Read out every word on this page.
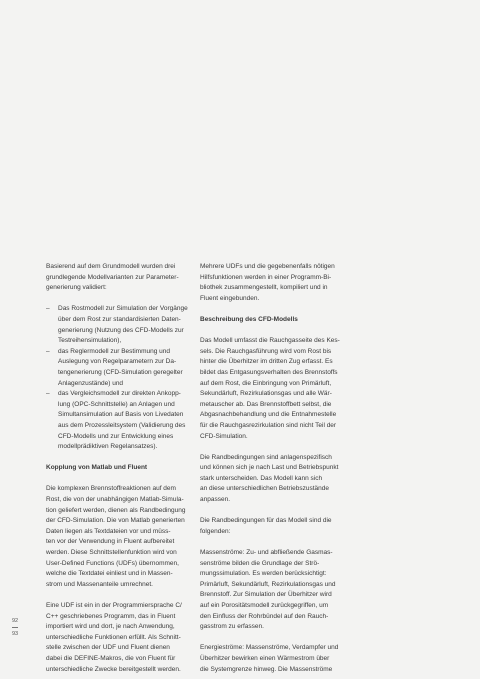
Basierend auf dem Grundmodell wurden drei
grundlegende Modellvarianten zur Parameter-
generierung validiert:

– Das Rostmodell zur Simulation der Vorgänge
über dem Rost zur standardisierten Daten-
generierung (Nutzung des CFD-Modells zur
Testreihensimulation),
– das Reglermodell zur Bestimmung und
Auslegung von Regelparametern zur Da-
tengenerierung (CFD-Simulation geregelter
Anlagenzustände) und
– das Vergleichsmodell zur direkten Ankopp-
lung (OPC-Schnittstelle) an Anlagen und
Simultansimulation auf Basis von Livedaten
aus dem Prozessleitsystem (Validierung des
CFD-Modells und zur Entwicklung eines
modellprädiktiven Regelansatzes).
Kopplung von Matlab und Fluent

Die komplexen Brennstoffreaktionen auf dem
Rost, die von der unabhängigen Matlab-Simula-
tion geliefert werden, dienen als Randbedingung
der CFD-Simulation. Die von Matlab generierten
Daten liegen als Textdateien vor und müss-
ten vor der Verwendung in Fluent aufbereitet
werden. Diese Schnittstellenfunktion wird von
User-Defined Functions (UDFs) übernommen,
welche die Textdatei einliest und in Massen-
strom und Massenanteile umrechnet.

Eine UDF ist ein in der Programmiersprache C/
C++ geschriebenes Programm, das in Fluent
importiert wird und dort, je nach Anwendung,
unterschiedliche Funktionen erfüllt. Als Schnitt-
stelle zwischen der UDF und Fluent dienen
dabei die DEFINE-Makros, die von Fluent für
unterschiedliche Zwecke bereitgestellt werden.

Mehrere UDFs und die gegebenenfalls nötigen
Hilfsfunktionen werden in einer Programm-Bi-
bliothek zusammengestellt, kompiliert und in
Fluent eingebunden.

Beschreibung des CFD-Modells

Das Modell umfasst die Rauchgasseite des Kes-
sels. Die Rauchgasführung wird vom Rost bis
hinter die Überhitzer im dritten Zug erfasst. Es
bildet das Entgasungsverhalten des Brennstoffs
auf dem Rost, die Einbringung von Primärluft,
Sekundärluft, Rezirkulationsgas und alle Wär-
metauscher ab. Das Brennstoffbett selbst, die
Abgasnachbehandlung und die Entnahmestelle
für die Rauchgasrezirkulation sind nicht Teil der
CFD-Simulation.

Die Randbedingungen sind anlagenspezifisch
und können sich je nach Last und Betriebspunkt
stark unterscheiden. Das Modell kann sich
an diese unterschiedlichen Betriebszustände
anpassen.

Die Randbedingungen für das Modell sind die
folgenden:

Massenströme: Zu- und abfließende Gasmas-
senströme bilden die Grundlage der Strö-
mungssimulation. Es werden berücksichtigt:
Primärluft, Sekundärluft, Rezirkulationsgas und
Brennstoff. Zur Simulation der Überhitzer wird
auf ein Porositätsmodell zurückgegriffen, um
den Einfluss der Rohrbündel auf den Rauch-
gasstrom zu erfassen.

Energieströme: Massenströme, Verdampfer und
Überhitzer bewirken einen Wärmestrom über
die Systemgrenze hinweg. Die Massenströme

92
93
